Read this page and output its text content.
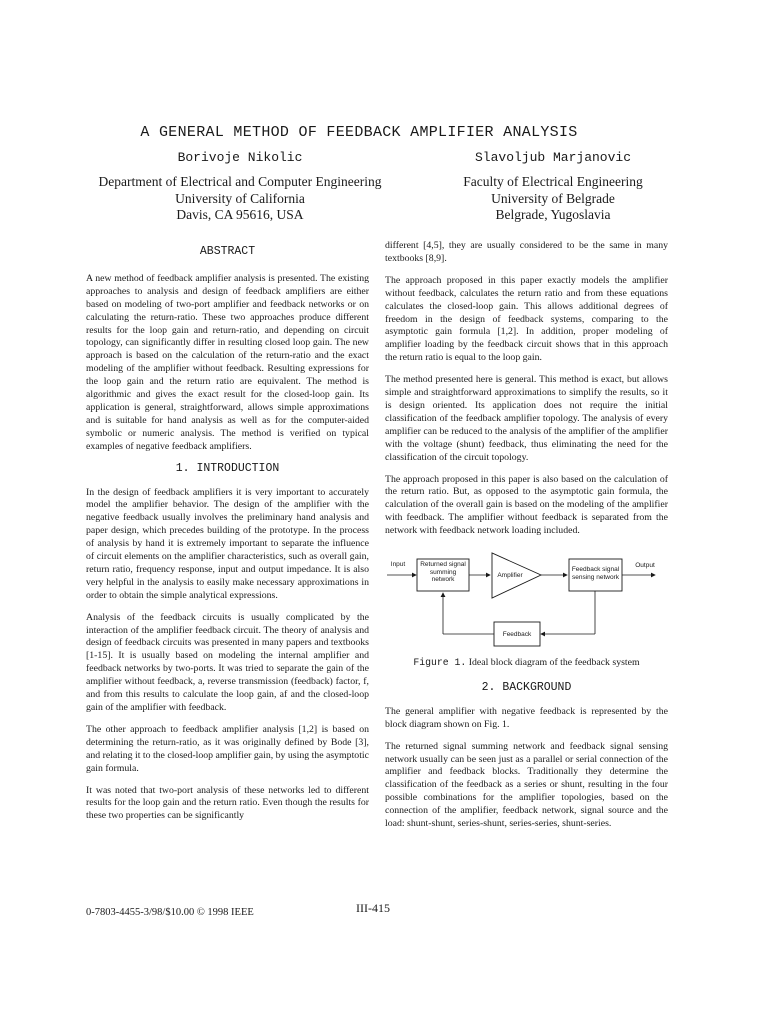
A GENERAL METHOD OF FEEDBACK AMPLIFIER ANALYSIS
Borivoje Nikolic
Department of Electrical and Computer Engineering
University of California
Davis, CA 95616, USA
Slavoljub Marjanovic
Faculty of Electrical Engineering
University of Belgrade
Belgrade, Yugoslavia
ABSTRACT

A new method of feedback amplifier analysis is presented. The existing approaches to analysis and design of feedback amplifiers are either based on modeling of two-port amplifier and feedback networks or on calculating the return-ratio. These two approaches produce different results for the loop gain and return-ratio, and depending on circuit topology, can significantly differ in resulting closed loop gain. The new approach is based on the calculation of the return-ratio and the exact modeling of the amplifier without feedback. Resulting expressions for the loop gain and the return ratio are equivalent. The method is algorithmic and gives the exact result for the closed-loop gain. Its application is general, straightforward, allows simple approximations and is suitable for hand analysis as well as for the computer-aided symbolic or numeric analysis. The method is verified on typical examples of negative feedback amplifiers.

1. INTRODUCTION

In the design of feedback amplifiers it is very important to accurately model the amplifier behavior. The design of the amplifier with the negative feedback usually involves the preliminary hand analysis and paper design, which precedes building of the prototype. In the process of analysis by hand it is extremely important to separate the influence of circuit elements on the amplifier characteristics, such as overall gain, return ratio, frequency response, input and output impedance. It is also very helpful in the analysis to easily make necessary approximations in order to obtain the simple analytical expressions.

Analysis of the feedback circuits is usually complicated by the interaction of the amplifier feedback circuit. The theory of analysis and design of feedback circuits was presented in many papers and textbooks [1-15]. It is usually based on modeling the internal amplifier and feedback networks by two-ports. It was tried to separate the gain of the amplifier without feedback, a, reverse transmission (feedback) factor, f, and from this results to calculate the loop gain, af and the closed-loop gain of the amplifier with feedback.

The other approach to feedback amplifier analysis [1,2] is based on determining the return-ratio, as it was originally defined by Bode [3], and relating it to the closed-loop amplifier gain, by using the asymptotic gain formula.

It was noted that two-port analysis of these networks led to different results for the loop gain and the return ratio. Even though the results for these two properties can be significantly

different [4,5], they are usually considered to be the same in many textbooks [8,9].

The approach proposed in this paper exactly models the amplifier without feedback, calculates the return ratio and from these equations calculates the closed-loop gain. This allows additional degrees of freedom in the design of feedback systems, comparing to the asymptotic gain formula [1,2]. In addition, proper modeling of amplifier loading by the feedback circuit shows that in this approach the return ratio is equal to the loop gain.

The method presented here is general. This method is exact, but allows simple and straightforward approximations to simplify the results, so it is design oriented. Its application does not require the initial classification of the feedback amplifier topology. The analysis of every amplifier can be reduced to the analysis of the amplifier of the amplifier with the voltage (shunt) feedback, thus eliminating the need for the classification of the circuit topology.

The approach proposed in this paper is also based on the calculation of the return ratio. But, as opposed to the asymptotic gain formula, the calculation of the overall gain is based on the modeling of the amplifier with feedback. The amplifier without feedback is separated from the network with feedback network loading included.

Input	Returned signal summing network
Amplifier
Feedback signal sensing network
Output
Feedback
Figure 1. Ideal block diagram of the feedback system
2. BACKGROUND

The general amplifier with negative feedback is represented by the block diagram shown on Fig. 1.

The returned signal summing network and feedback signal sensing network usually can be seen just as a parallel or serial connection of the amplifier and feedback blocks. Traditionally they determine the classification of the feedback as a series or shunt, resulting in the four possible combinations for the amplifier topologies, based on the connection of the amplifier, feedback network, signal source and the load: shunt-shunt, series-shunt, series-series, shunt-series.

0-7803-4455-3/98/$10.00 © 1998 IEEE	III-415
